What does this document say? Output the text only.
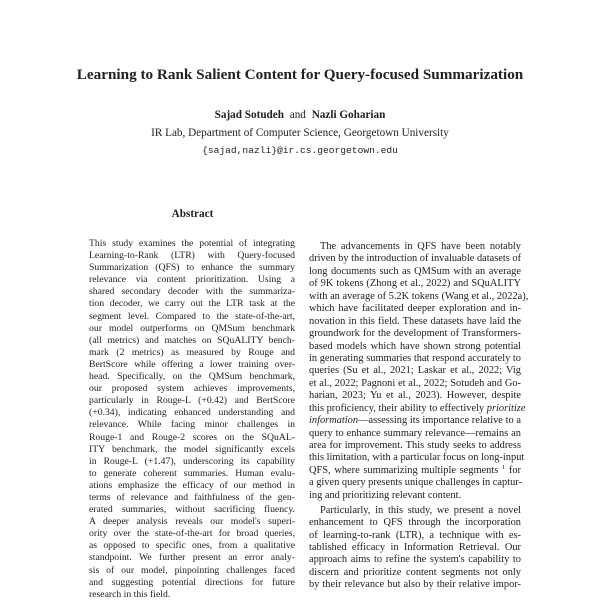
Learning to Rank Salient Content for Query-focused Summarization
Sajad Sotudeh and Nazli Goharian
IR Lab, Department of Computer Science, Georgetown University
{sajad,nazli}@ir.cs.georgetown.edu
Abstract
This study examines the potential of integrating
Learning-to-Rank (LTR) with Query-focused
Summarization (QFS) to enhance the summary
relevance via content prioritization. Using a
shared secondary decoder with the summariza-
tion decoder, we carry out the LTR task at the
segment level. Compared to the state-of-the-art,
our model outperforms on QMSum benchmark
(all metrics) and matches on SQuALITY bench-
mark (2 metrics) as measured by Rouge and
BertScore while offering a lower training over-
head. Specifically, on the QMSum benchmark,
our proposed system achieves improvements,
particularly in Rouge-L (+0.42) and BertScore
(+0.34), indicating enhanced understanding and
relevance. While facing minor challenges in
Rouge-1 and Rouge-2 scores on the SQuAL-
ITY benchmark, the model significantly excels
in Rouge-L (+1.47), underscoring its capability
to generate coherent summaries. Human evalu-
ations emphasize the efficacy of our method in
terms of relevance and faithfulness of the gen-
erated summaries, without sacrificing fluency.
A deeper analysis reveals our model's superi-
ority over the state-of-the-art for broad queries,
as opposed to specific ones, from a qualitative
standpoint. We further present an error analy-
sis of our model, pinpointing challenges faced
and suggesting potential directions for future
research in this field.
The advancements in QFS have been notably
driven by the introduction of invaluable datasets of
long documents such as QMSum with an average
of 9K tokens (Zhong et al., 2022) and SQuALITY
with an average of 5.2K tokens (Wang et al., 2022a),
which have facilitated deeper exploration and in-
novation in this field. These datasets have laid the
groundwork for the development of Transformers-
based models which have shown strong potential
in generating summaries that respond accurately to
queries (Su et al., 2021; Laskar et al., 2022; Vig
et al., 2022; Pagnoni et al., 2022; Sotudeh and Go-
harian, 2023; Yu et al., 2023). However, despite
this proficiency, their ability to effectively prioritize
information—assessing its importance relative to a
query to enhance summary relevance—remains an
area for improvement. This study seeks to address
this limitation, with a particular focus on long-input
QFS, where summarizing multiple segments $^1$ for
a given query presents unique challenges in captur-
ing and prioritizing relevant content.
Particularly, in this study, we present a novel
enhancement to QFS through the incorporation
of learning-to-rank (LTR), a technique with es-
tablished efficacy in Information Retrieval. Our
approach aims to refine the system's capability to
discern and prioritize content segments not only
by their relevance but also by their relative impor-
